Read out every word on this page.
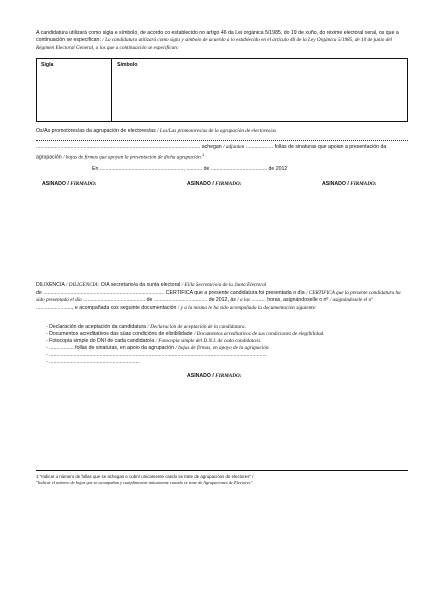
A candidatura utilizará como sigla e símbolo, de acordo co establecido no artigo 46 da Lei orgánica 5/1985, do 19 de xuño, do réxime electoral xeral, os que a continuación se especifican: / La candidatura utilizará como sigla y símbolo de acuerdo a lo establecido en el artículo 46 de la Ley Orgánica 5/1985, de 10 de junio del Régimen Electoral General, a los que a continuación se especifican:
Sigla	Símbolo
Os/As promotores/as da agrupación de electores/as / Los/Las promotores/as de la agrupación de electores/as
.................................................................................................................. achegan / adjuntan ................... follas de sinaturas que apoian a presentación da agrupación / hojas de firmas que apoyan la presentación de dicha agrupación.$^1$
En .........................................................., ........... de ....................................... de 2012
ASINADO / FIRMADO:	ASINADO / FIRMADO:	ASINADO / FIRMADO:
DILIXENCIA / DILIGENCIA: O/A secretario/a da xunta electoral / El/la Secretario/a de la Junta Electoral
de .................................................................................... CERTIFICA que a presente candidatura foi presentada o día / CERTIFICA que la presente candidatura ha sido presentada el día ........................................... de ..................................... de 2012, ás / a las .......... horas, asignándoselle o nº / asignándosele el nº ........................., e acompañada cos seguinte documentación / y a la misma le ha sido acompañada la documentación siguiente:
- Declaración de aceptación da candidatura / Declaración de aceptación de la candidatura.
- Documentos acreditativos das súas condicións de elixibilidade / Documentos acreditativos de sus condiciones de elegibilidad.
- Fotocopia simple do DNI de cada candidato/a / Fotocopia simple del D.N.I. de cada candidato/a.
- ................. follas de sinaturas, en apoio da agrupación / hojas de firmas, en apoyo de la agrupación.
- .......................................................................................................................................................
- ...............................................................
ASINADO / FIRMADO:
1 "Indicar o número de follas que se achegan e cubrir unicamente cando se trate de agrupacións de electores" /
"Indicar el número de hojas que se acompañan y cumplimentar únicamente cuando se trate de Agrupaciones de Electores"
